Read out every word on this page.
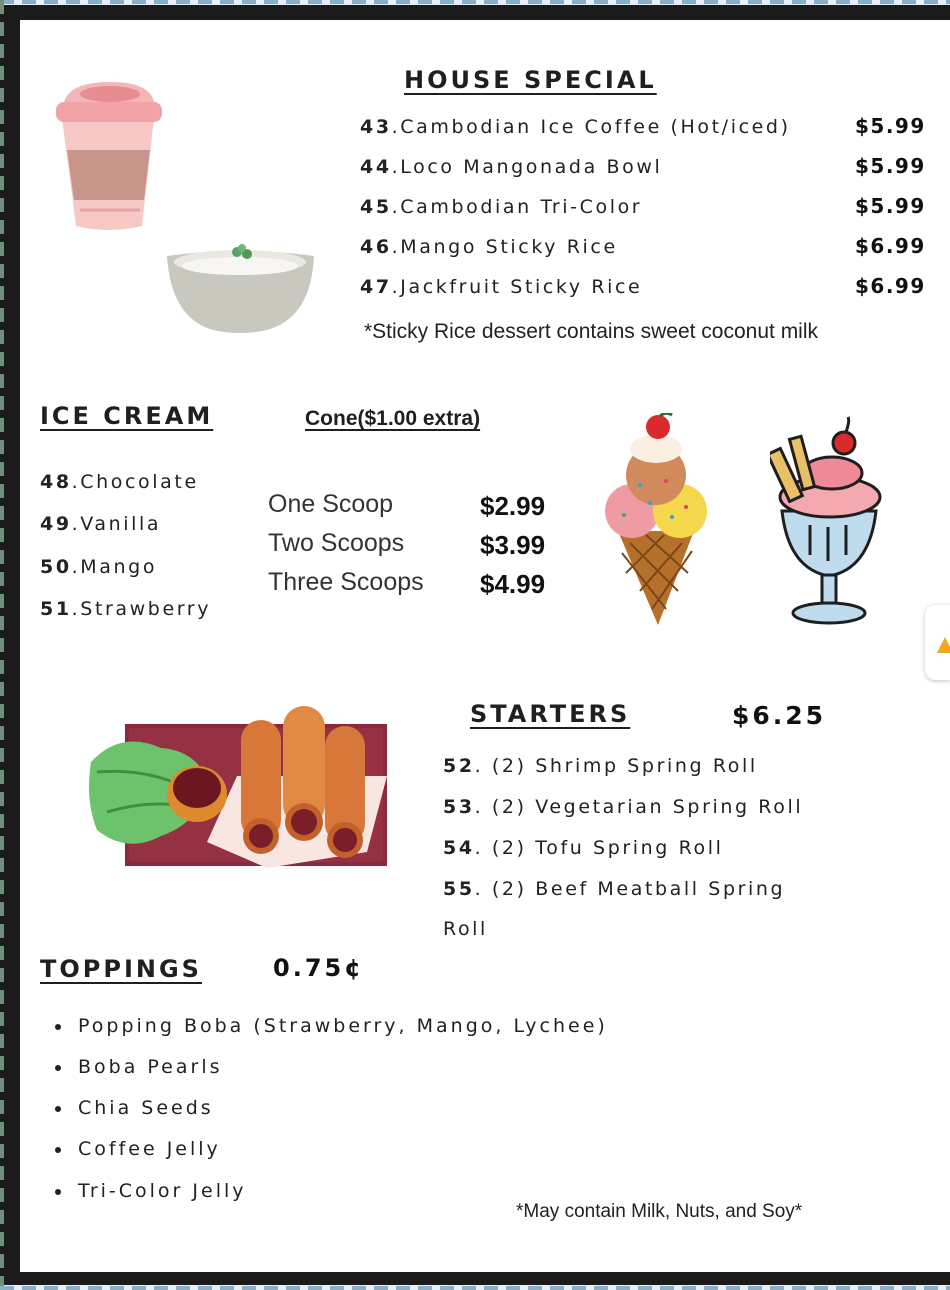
HOUSE SPECIAL
43.Cambodian Ice Coffee (Hot/iced)	$5.99
44.Loco Mangonada Bowl	$5.99
45.Cambodian Tri-Color	$5.99
46.Mango Sticky Rice	$6.99
47.Jackfruit Sticky Rice	$6.99
*Sticky Rice dessert contains sweet coconut milk
ICE CREAM	Cone($1.00 extra)
48.Chocolate
49.Vanilla
50.Mango
51.Strawberry
One Scoop	$2.99
Two Scoops	$3.99
Three Scoops $4.99
STARTERS	$6.25
52. (2) Shrimp Spring Roll
53. (2) Vegetarian Spring Roll
54. (2) Tofu Spring Roll
55. (2) Beef Meatball Spring
Roll
TOPPINGS	0.75¢
Popping Boba (Strawberry, Mango, Lychee)
Boba Pearls
Chia Seeds
Coffee Jelly
Tri-Color Jelly
*May contain Milk, Nuts, and Soy*
